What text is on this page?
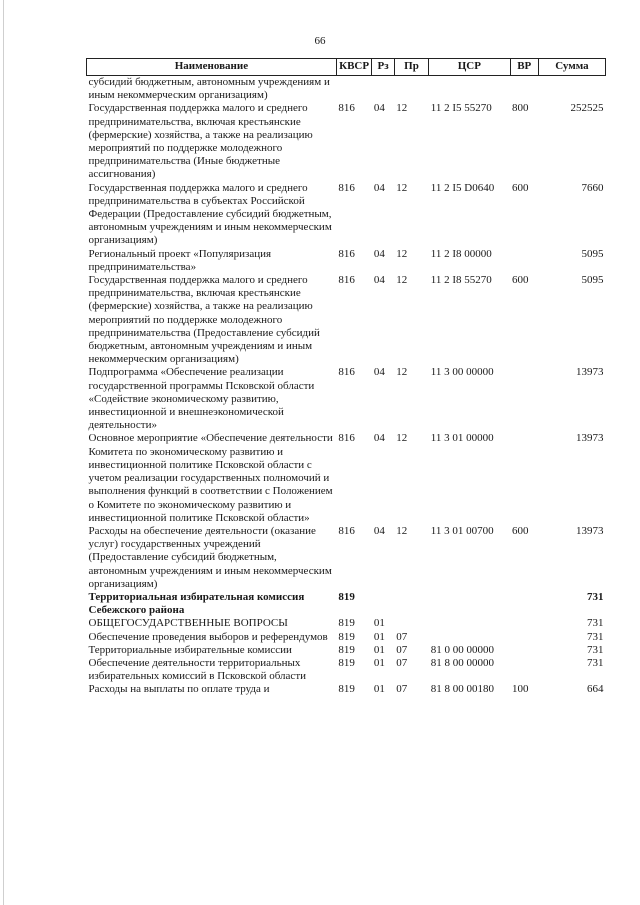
66
Наименование	КВСР	Рз	Пр	ЦСР	ВР	Сумма
субсидий бюджетным, автономным учреждениям и иным некоммерческим организациям)						
Государственная поддержка малого и среднего предпринимательства, включая крестьянские (фермерские) хозяйства, а также на реализацию мероприятий по поддержке молодежного предпринимательства (Иные бюджетные ассигнования)	816	04	12	11 2 I5 55270	800	252525
Государственная поддержка малого и среднего предпринимательства в субъектах Российской Федерации (Предоставление субсидий бюджетным, автономным учреждениям и иным некоммерческим организациям)	816	04	12	11 2 I5 D0640	600	7660
Региональный проект «Популяризация предпринимательства»	816	04	12	11 2 I8 00000		5095
Государственная поддержка малого и среднего предпринимательства, включая крестьянские (фермерские) хозяйства, а также на реализацию мероприятий по поддержке молодежного предпринимательства (Предоставление субсидий бюджетным, автономным учреждениям и иным некоммерческим организациям)	816	04	12	11 2 I8 55270	600	5095
Подпрограмма «Обеспечение реализации государственной программы Псковской области «Содействие экономическому развитию, инвестиционной и внешнеэкономической деятельности»	816	04	12	11 3 00 00000		13973
Основное мероприятие «Обеспечение деятельности Комитета по экономическому развитию и инвестиционной политике Псковской области с учетом реализации государственных полномочий и выполнения функций в соответствии с Положением о Комитете по экономическому развитию и инвестиционной политике Псковской области»	816	04	12	11 3 01 00000		13973
Расходы на обеспечение деятельности (оказание услуг) государственных учреждений (Предоставление субсидий бюджетным, автономным учреждениям и иным некоммерческим организациям)	816	04	12	11 3 01 00700	600	13973
Территориальная избирательная комиссия Себежского района	819					731
ОБЩЕГОСУДАРСТВЕННЫЕ ВОПРОСЫ	819	01				731
Обеспечение проведения выборов и референдумов	819	01	07			731
Территориальные избирательные комиссии	819	01	07	81 0 00 00000		731
Обеспечение деятельности территориальных избирательных комиссий в Псковской области	819	01	07	81 8 00 00000		731
Расходы на выплаты по оплате труда и	819	01	07	81 8 00 00180	100	664
